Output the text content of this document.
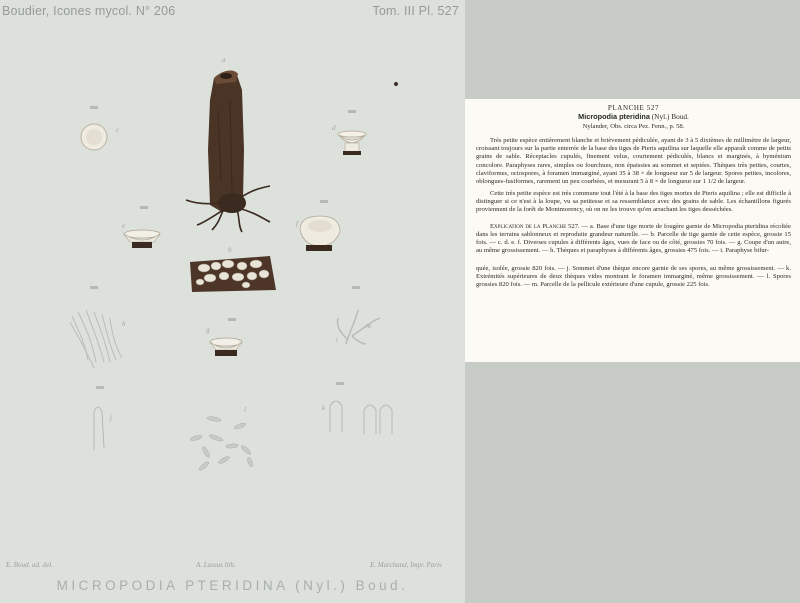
Boudier, Icones mycol. N° 206	Tom. III Pl. 527
a
b
c	d
e	f
g
h
i
j
k
l
m
E. Boud. ad. del.	A. Lassus lith.	E. Marchand, Impr. Paris
MICROPODIA PTERIDINA (Nyl.) Boud.
PLANCHE 527
Micropodia pteridina (Nyl.) Boud.
Nylander, Obs. circa Pez. Fenn., p. 58.

Très petite espèce entièrement blanche et brièvement pédiculée, ayant de 3 à 5 dixièmes de millimètre de largeur, croissant toujours sur la partie enterrée de la base des tiges de Pteris aquilina sur laquelle elle apparaît comme de petits grains de sable. Réceptacles cupulés, finement velus, courtement pédiculés, blancs et marginés, à hyménium concolore. Paraphyses rares, simples ou fourchues, non épaissies au sommet et septées. Thèques très petites, courtes, claviformes, octospores, à foramen immarginé, ayant 35 à 38 × de longueur sur 5 de largeur. Spores petites, incolores, oblongues-fusiformes, rarement un peu courbées, et mesurant 5 à 8 × de longueur sur 1 1/2 de largeur.

Cette très petite espèce est très commune tout l'été à la base des tiges mortes de Pteris aquilina ; elle est difficile à distinguer si ce n'est à la loupe, vu sa petitesse et sa ressemblance avec des grains de sable. Les échantillons figurés proviennent de la forêt de Montmorency, où on ne les trouve qu'en arrachant les tiges desséchées.

Explication de la Planche 527. — a. Base d'une tige morte de fougère garnie de Micropodia pteridina récoltée dans les terrains sablonneux et reproduite grandeur naturelle. — b. Parcelle de tige garnie de cette espèce, grossie 15 fois. — c. d. e. f. Diverses cupules à différents âges, vues de face ou de côté, grossies 70 fois. — g. Coupe d'un autre, au même grossissement. — h. Thèques et paraphyses à différents âges, grossies 475 fois. — i. Paraphyse bifur-

quée, isolée, grossie 820 fois. — j. Sommet d'une thèque encore garnie de ses spores, au même grossissement. — k. Extrémités supérieures de deux thèques vides montrant le foramen immarginé, même grossissement. — l. Spores grossies 820 fois. — m. Parcelle de la pellicule extérieure d'une cupule, grossie 225 fois.
